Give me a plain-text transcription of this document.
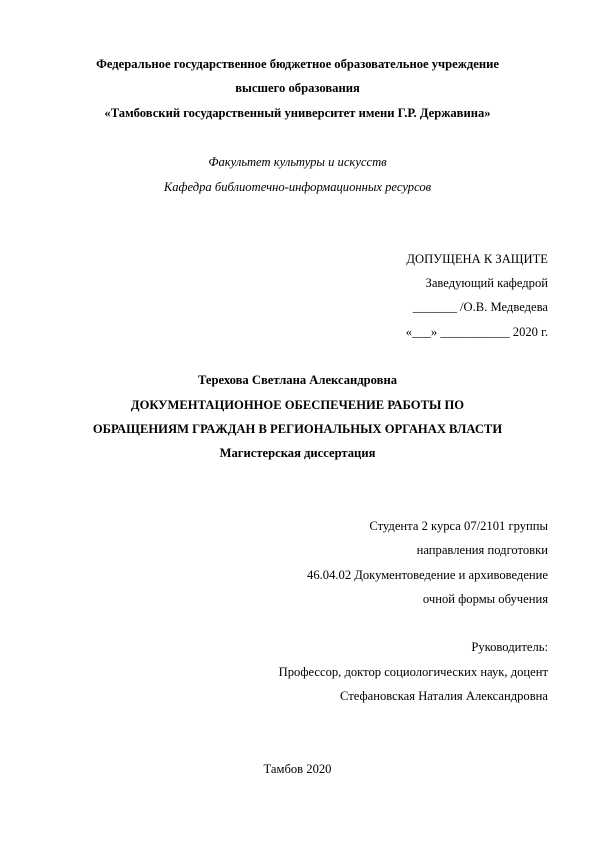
Федеральное государственное бюджетное образовательное учреждение
высшего образования
«Тамбовский государственный университет имени Г.Р. Державина»
Факультет культуры и искусств
Кафедра библиотечно-информационных ресурсов
ДОПУЩЕНА К ЗАЩИТЕ
Заведующий кафедрой
_______ /О.В. Медведева
«___» ___________ 2020 г.
Терехова Светлана Александровна
ДОКУМЕНТАЦИОННОЕ ОБЕСПЕЧЕНИЕ РАБОТЫ ПО
ОБРАЩЕНИЯМ ГРАЖДАН В РЕГИОНАЛЬНЫХ ОРГАНАХ ВЛАСТИ
Магистерская диссертация
Студента 2 курса 07/2101 группы
направления подготовки
46.04.02 Документоведение и архивоведение
очной формы обучения
Руководитель:
Профессор, доктор социологических наук, доцент
Стефановская Наталия Александровна
Тамбов 2020
